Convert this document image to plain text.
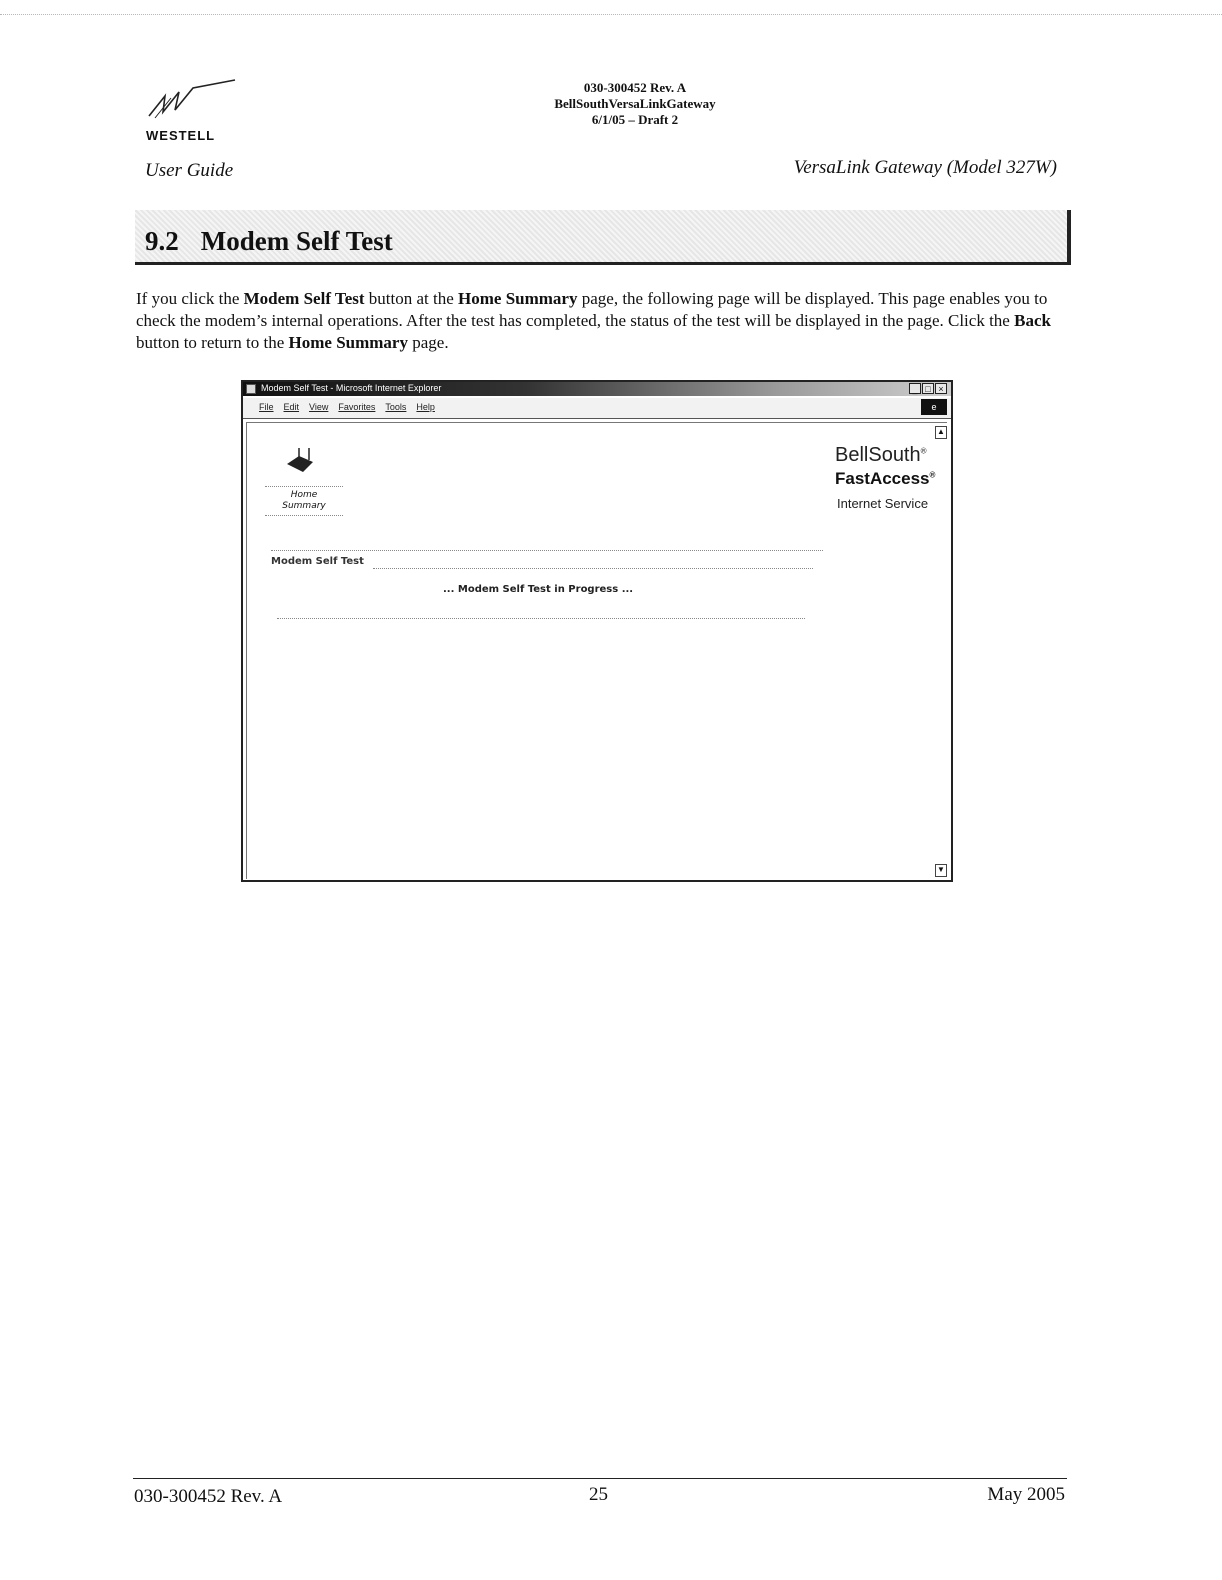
WESTELL
030-300452 Rev. A
BellSouthVersaLinkGateway
6/1/05 – Draft 2
User Guide	VersaLink Gateway (Model 327W)
9.2 Modem Self Test
If you click the Modem Self Test button at the Home Summary page, the following page will be displayed. This page enables you to check the modem’s internal operations. After the test has completed, the status of the test will be displayed in the page. Click the Back button to return to the Home Summary page.
Modem Self Test - Microsoft Internet Explorer	_ □ ×
File Edit View Favorites Tools Help	e
▲
▼
Home
Summary
BellSouth®
FastAccess®
Internet Service
Modem Self Test
... Modem Self Test in Progress ...
030-300452 Rev. A	25	May 2005
